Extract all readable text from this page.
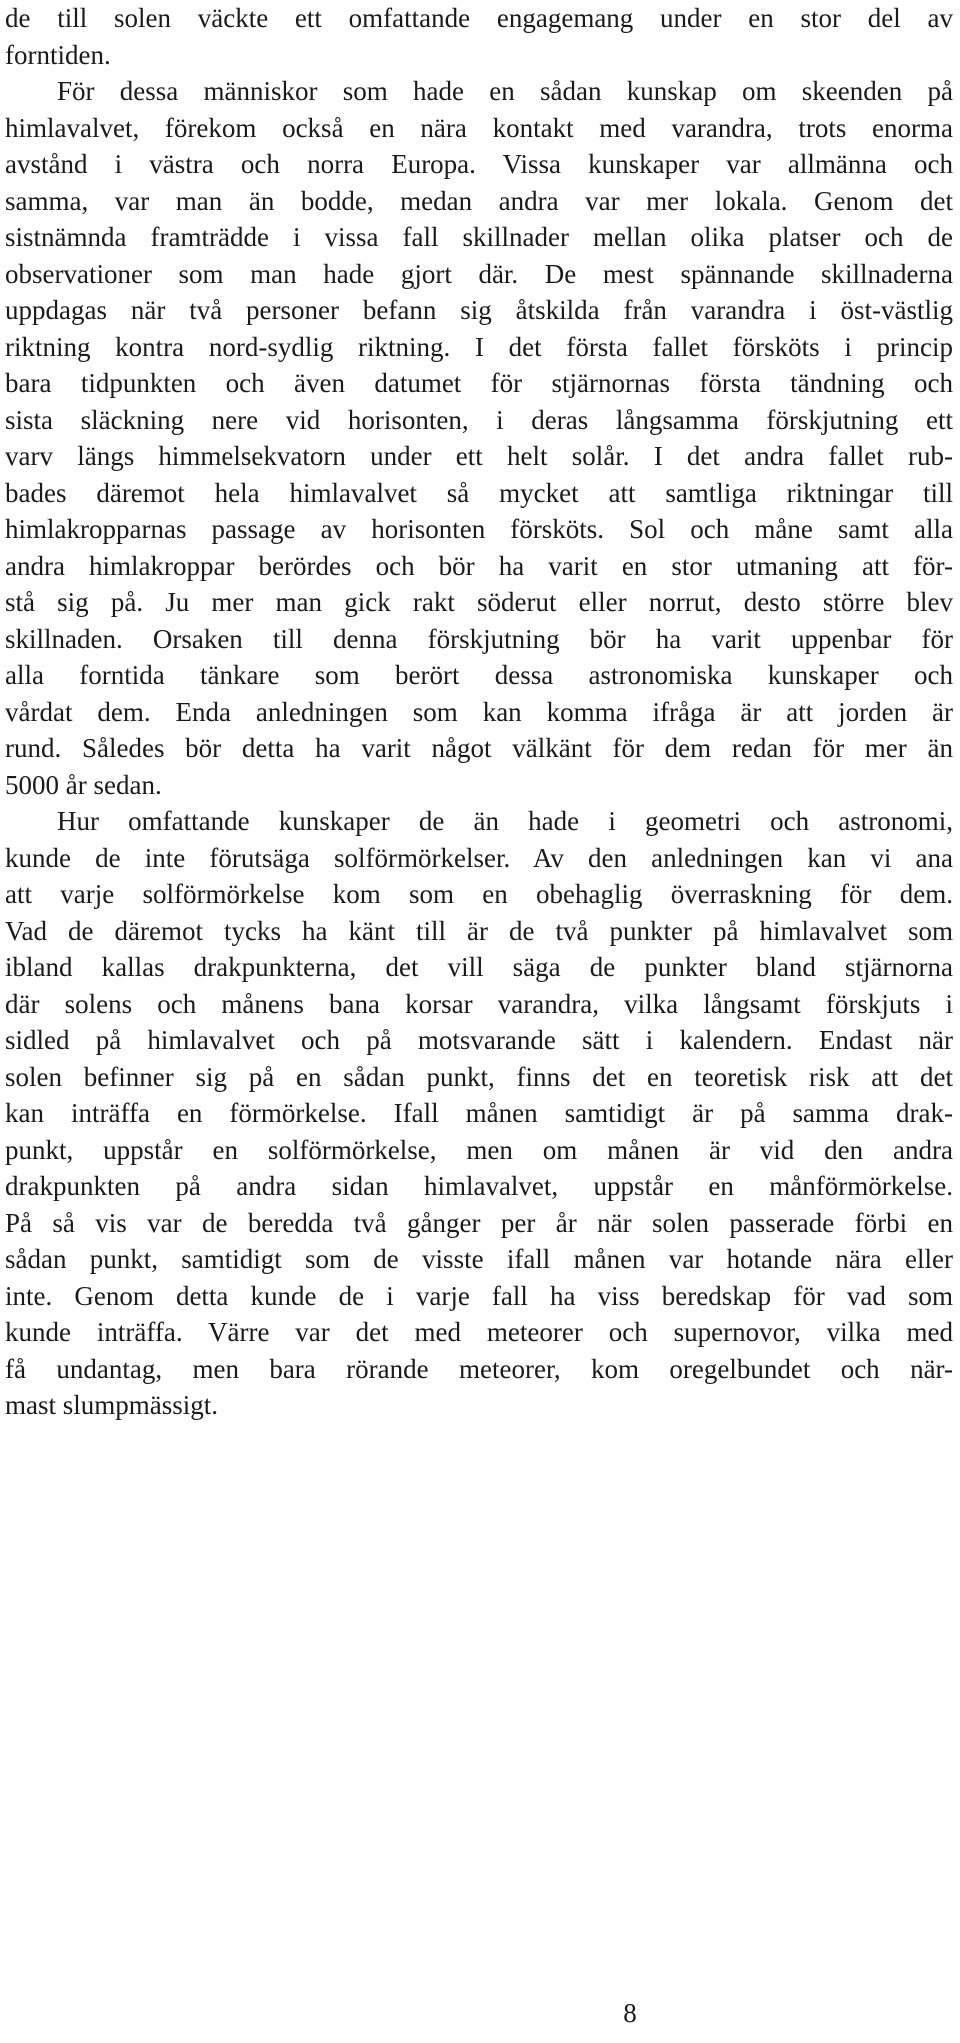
de till solen väckte ett omfattande engagemang under en stor del av
forntiden.
För dessa människor som hade en sådan kunskap om skeenden på
himlavalvet, förekom också en nära kontakt med varandra, trots enorma
avstånd i västra och norra Europa. Vissa kunskaper var allmänna och
samma, var man än bodde, medan andra var mer lokala. Genom det
sistnämnda framträdde i vissa fall skillnader mellan olika platser och de
observationer som man hade gjort där. De mest spännande skillnaderna
uppdagas när två personer befann sig åtskilda från varandra i öst-västlig
riktning kontra nord-sydlig riktning. I det första fallet försköts i princip
bara tidpunkten och även datumet för stjärnornas första tändning och
sista släckning nere vid horisonten, i deras långsamma förskjutning ett
varv längs himmelsekvatorn under ett helt solår. I det andra fallet rub-
bades däremot hela himlavalvet så mycket att samtliga riktningar till
himlakropparnas passage av horisonten försköts. Sol och måne samt alla
andra himlakroppar berördes och bör ha varit en stor utmaning att för-
stå sig på. Ju mer man gick rakt söderut eller norrut, desto större blev
skillnaden. Orsaken till denna förskjutning bör ha varit uppenbar för
alla forntida tänkare som berört dessa astronomiska kunskaper och
vårdat dem. Enda anledningen som kan komma ifråga är att jorden är
rund. Således bör detta ha varit något välkänt för dem redan för mer än
5000 år sedan.
Hur omfattande kunskaper de än hade i geometri och astronomi,
kunde de inte förutsäga solförmörkelser. Av den anledningen kan vi ana
att varje solförmörkelse kom som en obehaglig överraskning för dem.
Vad de däremot tycks ha känt till är de två punkter på himlavalvet som
ibland kallas drakpunkterna, det vill säga de punkter bland stjärnorna
där solens och månens bana korsar varandra, vilka långsamt förskjuts i
sidled på himlavalvet och på motsvarande sätt i kalendern. Endast när
solen befinner sig på en sådan punkt, finns det en teoretisk risk att det
kan inträffa en förmörkelse. Ifall månen samtidigt är på samma drak-
punkt, uppstår en solförmörkelse, men om månen är vid den andra
drakpunkten på andra sidan himlavalvet, uppstår en månförmörkelse.
På så vis var de beredda två gånger per år när solen passerade förbi en
sådan punkt, samtidigt som de visste ifall månen var hotande nära eller
inte. Genom detta kunde de i varje fall ha viss beredskap för vad som
kunde inträffa. Värre var det med meteorer och supernovor, vilka med
få undantag, men bara rörande meteorer, kom oregelbundet och när-
mast slumpmässigt.
8
